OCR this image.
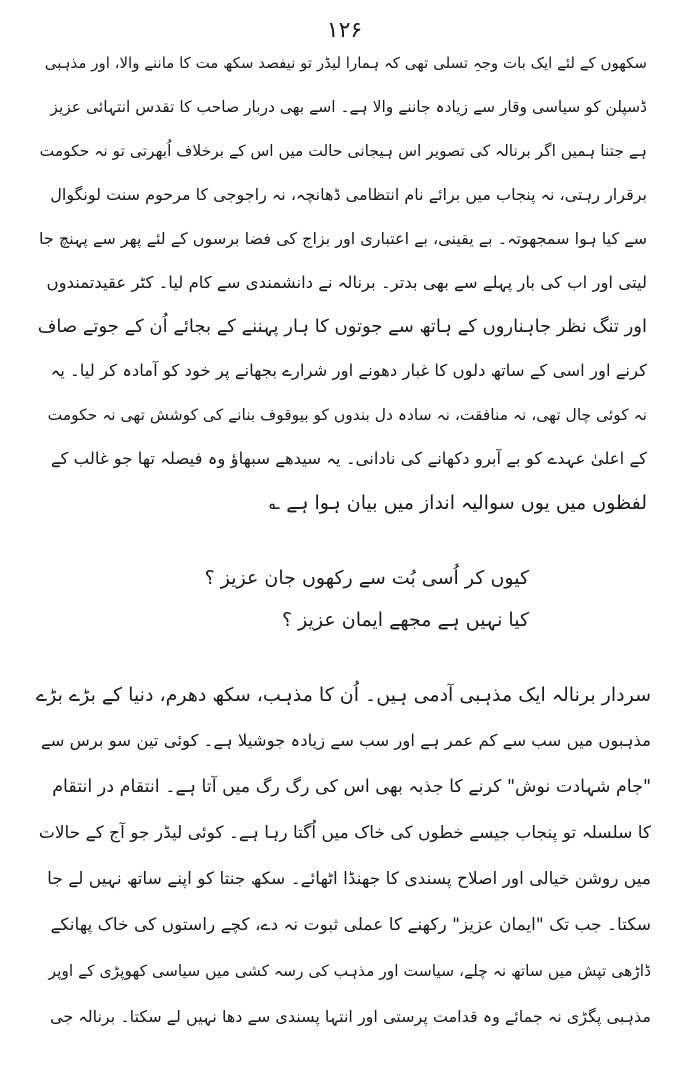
۱۲۶
سکھوں کے لئے ایک بات وجہِ تسلی تھی کہ ہمارا لیڈر تو نیفصد سکھ مت کا ماننے والا، اور مذہبی
ڈسپلن کو سیاسی وقار سے زیادہ جاننے والا ہے۔ اسے بھی دربار صاحب کا تقدس انتہائی عزیز
ہے جتنا ہمیں اگر برنالہ کی تصویر اس ہیجانی حالت میں اس کے برخلاف اُبھرتی تو نہ حکومت
برقرار رہتی، نہ پنجاب میں برائے نام انتظامی ڈھانچہ، نہ راجوجی کا مرحوم سنت لونگوال
سے کیا ہوا سمجھوتہ۔ بے یقینی، بے اعتباری اور بزاج کی فضا برسوں کے لئے پھر سے پہنچ جا
لیتی اور اب کی بار پہلے سے بھی بدتر۔ برنالہ نے دانشمندی سے کام لیا۔ کٹر عقیدتمندوں
اور تنگ نظر جاہناروں کے ہاتھ سے جوتوں کا ہار پہننے کے بجائے اُن کے جوتے صاف
کرنے اور اسی کے ساتھ دلوں کا غبار دھونے اور شرارے بجھانے پر خود کو آمادہ کر لیا۔ یہ
نہ کوئی چال تھی، نہ منافقت، نہ سادہ دل بندوں کو بیوقوف بنانے کی کوشش تھی نہ حکومت
کے اعلیٰ عہدے کو بے آبرو دکھانے کی نادانی۔ یہ سیدھے سبھاؤ وہ فیصلہ تھا جو غالب کے
لفظوں میں یوں سوالیہ انداز میں بیان ہوا ہے ؎
کیوں کر اُسی بُت سے رکھوں جان عزیز ؟
کیا نہیں ہے مجھے ایمان عزیز ؟
سردار برنالہ ایک مذہبی آدمی ہیں۔ اُن کا مذہب، سکھ دھرم، دنیا کے بڑے بڑے
مذہبوں میں سب سے کم عمر ہے اور سب سے زیادہ جوشیلا ہے۔ کوئی تین سو برس سے
"جام شہادت نوش" کرنے کا جذبہ بھی اس کی رگ رگ میں آتا ہے۔ انتقام در انتقام
کا سلسلہ تو پنجاب جیسے خطوں کی خاک میں اُگتا رہا ہے۔ کوئی لیڈر جو آج کے حالات
میں روشن خیالی اور اصلاح پسندی کا جھنڈا اٹھائے۔ سکھ جنتا کو اپنے ساتھ نہیں لے جا
سکتا۔ جب تک "ایمان عزیز" رکھنے کا عملی ثبوت نہ دے، کچے راستوں کی خاک پھانکے
ڈاڑھی تپش میں ساتھ نہ چلے، سیاست اور مذہب کی رسہ کشی میں سیاسی کھوپڑی کے اوپر
مذہبی پگڑی نہ جمائے وہ قدامت پرستی اور انتہا پسندی سے دھا نہیں لے سکتا۔ برنالہ جی
